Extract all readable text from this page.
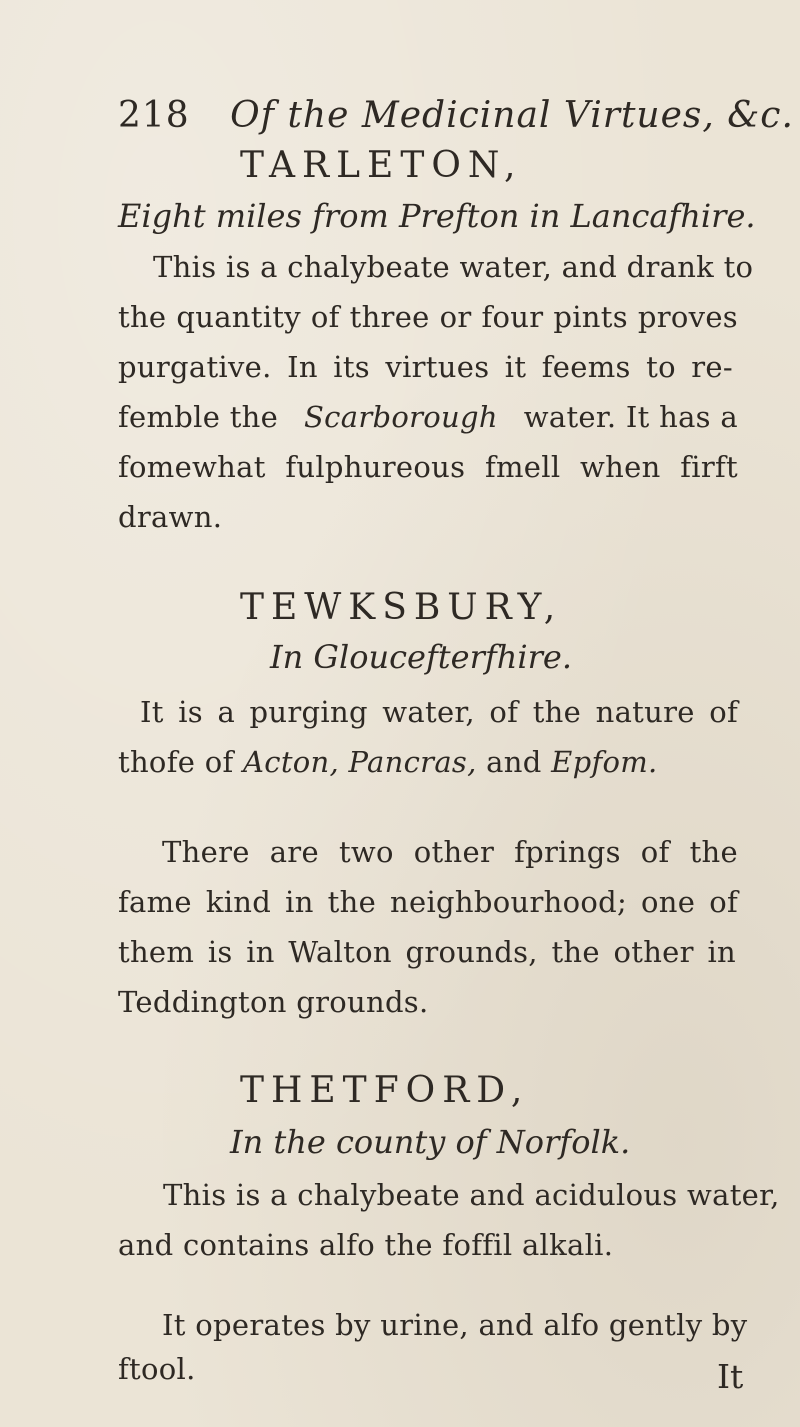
218 Of the Medicinal Virtues, &c.
TARLETON,
Eight miles from Prefton in Lancafhire.
This is a chalybeate water, and drank to
the quantity of three or four pints proves
purgative. In its virtues it feems to re-
femble the Scarborough water. It has a
fomewhat fulphureous fmell when firft
drawn.
TEWKSBURY,
In Gloucefterfhire.
It is a purging water, of the nature of
thofe of Acton, Pancras, and Epfom.
There are two other fprings of the
fame kind in the neighbourhood; one of
them is in Walton grounds, the other in
Teddington grounds.
THETFORD,
In the county of Norfolk.
This is a chalybeate and acidulous water,
and contains alfo the foffil alkali.
It operates by urine, and alfo gently by
ftool.	It
